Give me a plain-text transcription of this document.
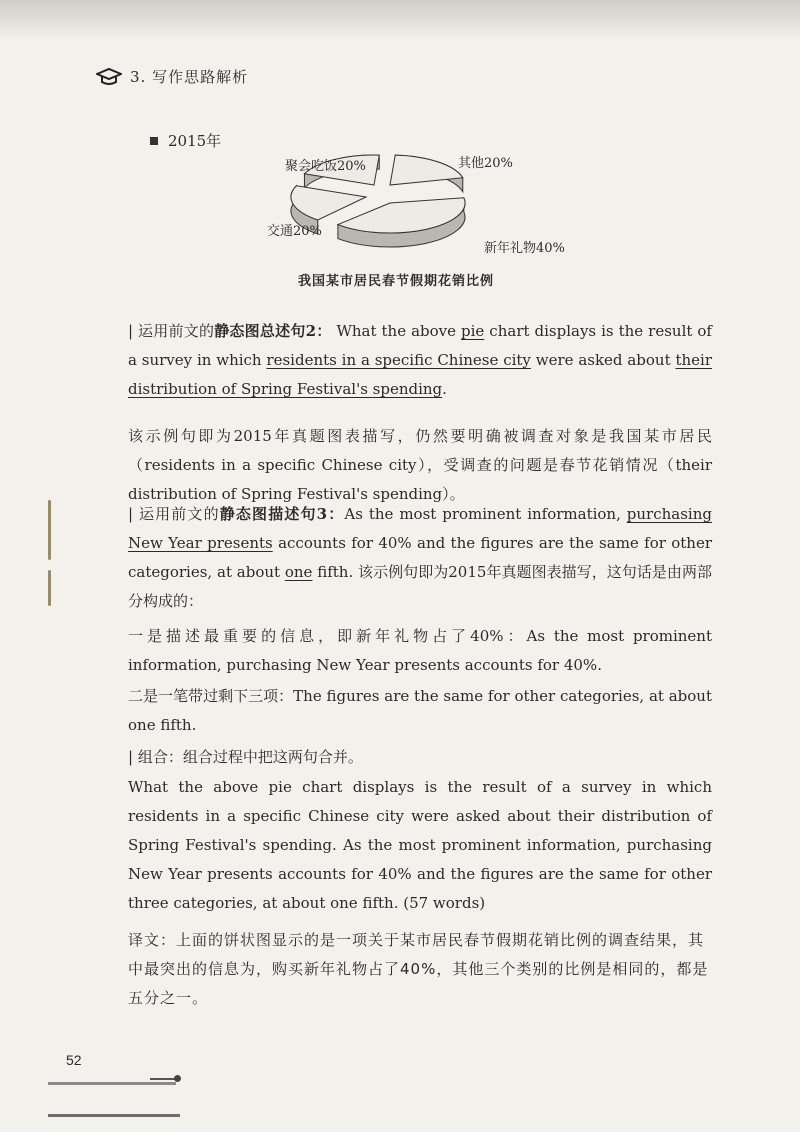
3. 写作思路解析
2015年
聚会吃饭20%	其他20%
交通20%
新年礼物40%
我国某市居民春节假期花销比例

| 运用前文的静态图总述句2： What the above pie chart displays is the result of a survey in which residents in a specific Chinese city were asked about their distribution of Spring Festival's spending.

该示例句即为2015年真题图表描写，仍然要明确被调查对象是我国某市居民（residents in a specific Chinese city），受调查的问题是春节花销情况（their distribution of Spring Festival's spending）。

| 运用前文的静态图描述句3：As the most prominent information, purchasing New Year presents accounts for 40% and the figures are the same for other categories, at about one fifth. 该示例句即为2015年真题图表描写，这句话是由两部分构成的：

一是描述最重要的信息，即新年礼物占了40%：As the most prominent information, purchasing New Year presents accounts for 40%.

二是一笔带过剩下三项：The figures are the same for other categories, at about one fifth.

| 组合：组合过程中把这两句合并。

What the above pie chart displays is the result of a survey in which residents in a specific Chinese city were asked about their distribution of Spring Festival's spending. As the most prominent information, purchasing New Year presents accounts for 40% and the figures are the same for other three categories, at about one fifth. (57 words)

译文：上面的饼状图显示的是一项关于某市居民春节假期花销比例的调查结果，其中最突出的信息为，购买新年礼物占了40%，其他三个类别的比例是相同的，都是五分之一。
52
